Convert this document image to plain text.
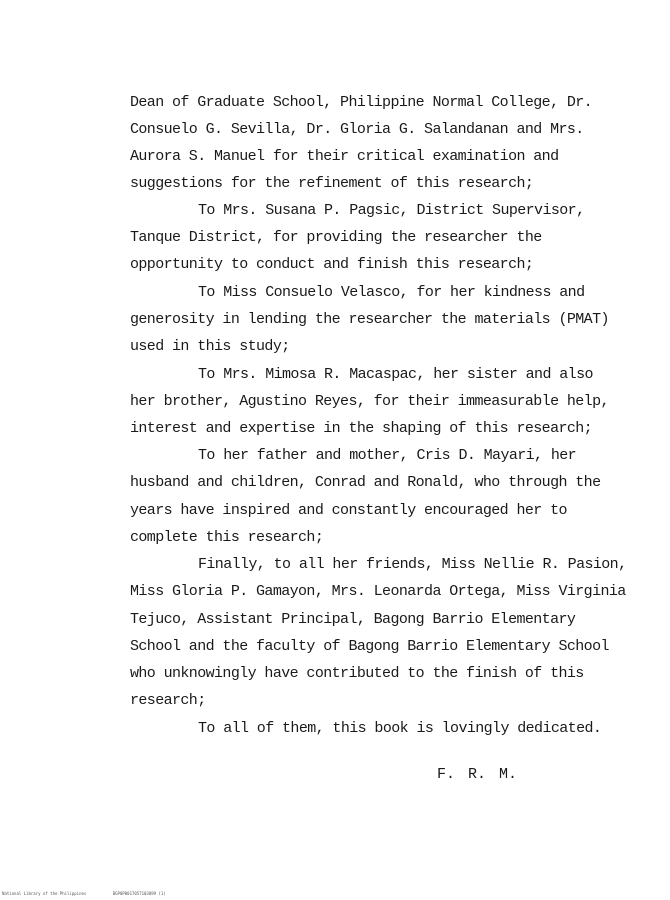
Dean of Graduate School, Philippine Normal College, Dr.
Consuelo G. Sevilla, Dr. Gloria G. Salandanan and Mrs.
Aurora S. Manuel for their critical examination and
suggestions for the refinement of this research;
To Mrs. Susana P. Pagsic, District Supervisor,
Tanque District, for providing the researcher the
opportunity to conduct and finish this research;
To Miss Consuelo Velasco, for her kindness and
generosity in lending the researcher the materials (PMAT)
used in this study;
To Mrs. Mimosa R. Macaspac, her sister and also
her brother, Agustino Reyes, for their immeasurable help,
interest and expertise in the shaping of this research;
To her father and mother, Cris D. Mayari, her
husband and children, Conrad and Ronald, who through the
years have inspired and constantly encouraged her to
complete this research;
Finally, to all her friends, Miss Nellie R. Pasion,
Miss Gloria P. Gamayon, Mrs. Leonarda Ortega, Miss Virginia
Tejuco, Assistant Principal, Bagong Barrio Elementary
School and the faculty of Bagong Barrio Elementary School
who unknowingly have contributed to the finish of this
research;
To all of them, this book is lovingly dedicated.
F. R. M.
National Library of the Philippines	BGP0P0017057103099 (1)
